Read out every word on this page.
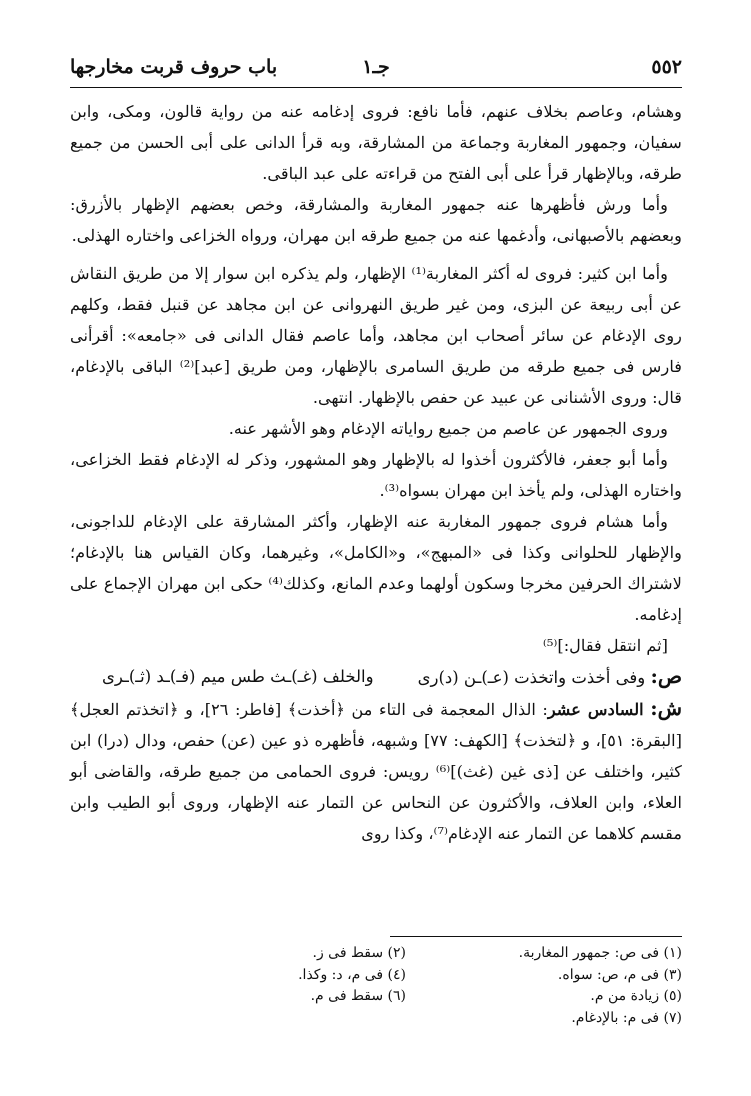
٥٥٢
جـ١
باب حروف قربت مخارجها

وهشام، وعاصم بخلاف عنهم، فأما نافع: فروى إدغامه عنه من رواية قالون، ومكى، وابن سفيان، وجمهور المغاربة وجماعة من المشارقة، وبه قرأ الدانى على أبى الحسن من جميع طرقه، وبالإظهار قرأ على أبى الفتح من قراءته على عبد الباقى.

وأما ورش فأظهرها عنه جمهور المغاربة والمشارقة، وخص بعضهم الإظهار بالأزرق: وبعضهم بالأصبهانى، وأدغمها عنه من جميع طرقه ابن مهران، ورواه الخزاعى واختاره الهذلى.

وأما ابن كثير: فروى له أكثر المغاربة⁽¹⁾ الإظهار، ولم يذكره ابن سوار إلا من طريق النقاش عن أبى ربيعة عن البزى، ومن غير طريق النهروانى عن ابن مجاهد عن قنبل فقط، وكلهم روى الإدغام عن سائر أصحاب ابن مجاهد، وأما عاصم فقال الدانى فى «جامعه»: أقرأنى فارس فى جميع طرقه من طريق السامرى بالإظهار، ومن طريق [عبد]⁽²⁾ الباقى بالإدغام، قال: وروى الأشنانى عن عبيد عن حفص بالإظهار. انتهى.

وروى الجمهور عن عاصم من جميع رواياته الإدغام وهو الأشهر عنه.

وأما أبو جعفر، فالأكثرون أخذوا له بالإظهار وهو المشهور، وذكر له الإدغام فقط الخزاعى، واختاره الهذلى، ولم يأخذ ابن مهران بسواه⁽³⁾.

وأما هشام فروى جمهور المغاربة عنه الإظهار، وأكثر المشارقة على الإدغام للداجونى، والإظهار للحلوانى وكذا فى «المبهج»، و«الكامل»، وغيرهما، وكان القياس هنا بالإدغام؛ لاشتراك الحرفين مخرجا وسكون أولهما وعدم المانع، وكذلك⁽⁴⁾ حكى ابن مهران الإجماع على إدغامه.

[ثم انتقل فقال:]⁽⁵⁾

ص: وفى أخذت واتخذت (عـ)ـن (د)رى
والخلف (غـ)ـث طس ميم (فـ)ـد (ثـ)ـرى

ش: السادس عشر: الذال المعجمة فى التاء من ﴿أخذت﴾ [فاطر: ٢٦]، و ﴿اتخذتم العجل﴾ [البقرة: ٥١]، و ﴿لتخذت﴾ [الكهف: ٧٧] وشبهه، فأظهره ذو عين (عن) حفص، ودال (درا) ابن كثير، واختلف عن [ذى غين (غث)]⁽⁶⁾ رويس: فروى الحمامى من جميع طرقه، والقاضى أبو العلاء، وابن العلاف، والأكثرون عن النحاس عن التمار عنه الإظهار، وروى أبو الطيب وابن مقسم كلاهما عن التمار عنه الإدغام⁽⁷⁾، وكذا روى

(١) فى ص: جمهور المغاربة.
(٢) سقط فى ز.
(٣) فى م، ص: سواه.
(٤) فى م، د: وكذا.
(٥) زيادة من م.
(٦) سقط فى م.
(٧) فى م: بالإدغام.
